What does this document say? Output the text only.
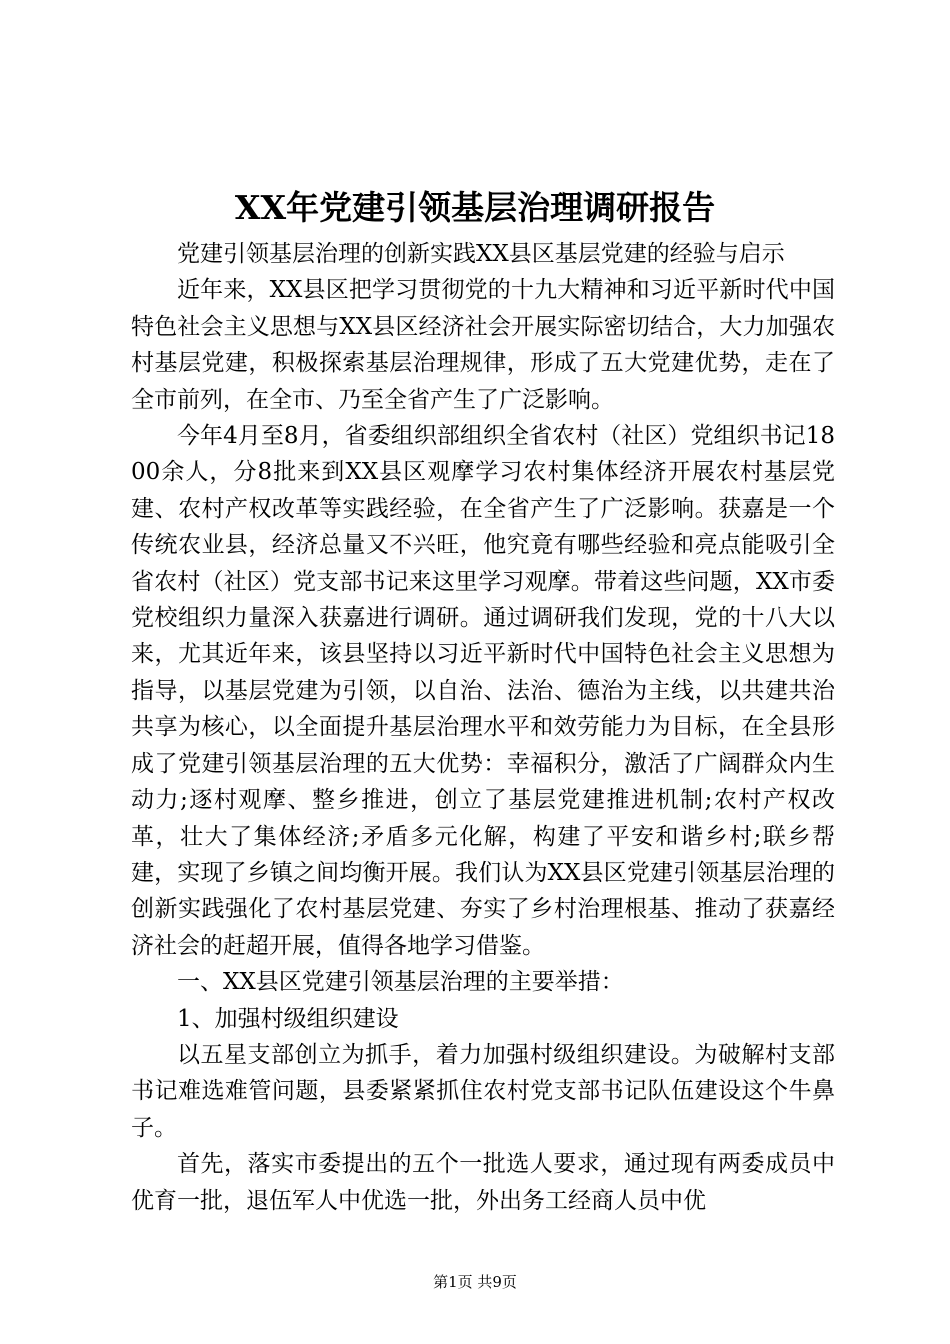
XX年党建引领基层治理调研报告

党建引领基层治理的创新实践XX县区基层党建的经验与启示

近年来，XX县区把学习贯彻党的十九大精神和习近平新时代中国特色社会主义思想与XX县区经济社会开展实际密切结合，大力加强农村基层党建，积极探索基层治理规律，形成了五大党建优势，走在了全市前列，在全市、乃至全省产生了广泛影响。

今年4月至8月，省委组织部组织全省农村（社区）党组织书记1800余人，分8批来到XX县区观摩学习农村集体经济开展农村基层党建、农村产权改革等实践经验，在全省产生了广泛影响。获嘉是一个传统农业县，经济总量又不兴旺，他究竟有哪些经验和亮点能吸引全省农村（社区）党支部书记来这里学习观摩。带着这些问题，XX市委党校组织力量深入获嘉进行调研。通过调研我们发现，党的十八大以来，尤其近年来，该县坚持以习近平新时代中国特色社会主义思想为指导，以基层党建为引领，以自治、法治、德治为主线，以共建共治共享为核心，以全面提升基层治理水平和效劳能力为目标，在全县形成了党建引领基层治理的五大优势：幸福积分，激活了广阔群众内生动力;逐村观摩、整乡推进，创立了基层党建推进机制;农村产权改革，壮大了集体经济;矛盾多元化解，构建了平安和谐乡村;联乡帮建，实现了乡镇之间均衡开展。我们认为XX县区党建引领基层治理的创新实践强化了农村基层党建、夯实了乡村治理根基、推动了获嘉经济社会的赶超开展，值得各地学习借鉴。

一、XX县区党建引领基层治理的主要举措：

1、加强村级组织建设

以五星支部创立为抓手，着力加强村级组织建设。为破解村支部书记难选难管问题，县委紧紧抓住农村党支部书记队伍建设这个牛鼻子。

首先，落实市委提出的五个一批选人要求，通过现有两委成员中优育一批，退伍军人中优选一批，外出务工经商人员中优

第1页 共9页
